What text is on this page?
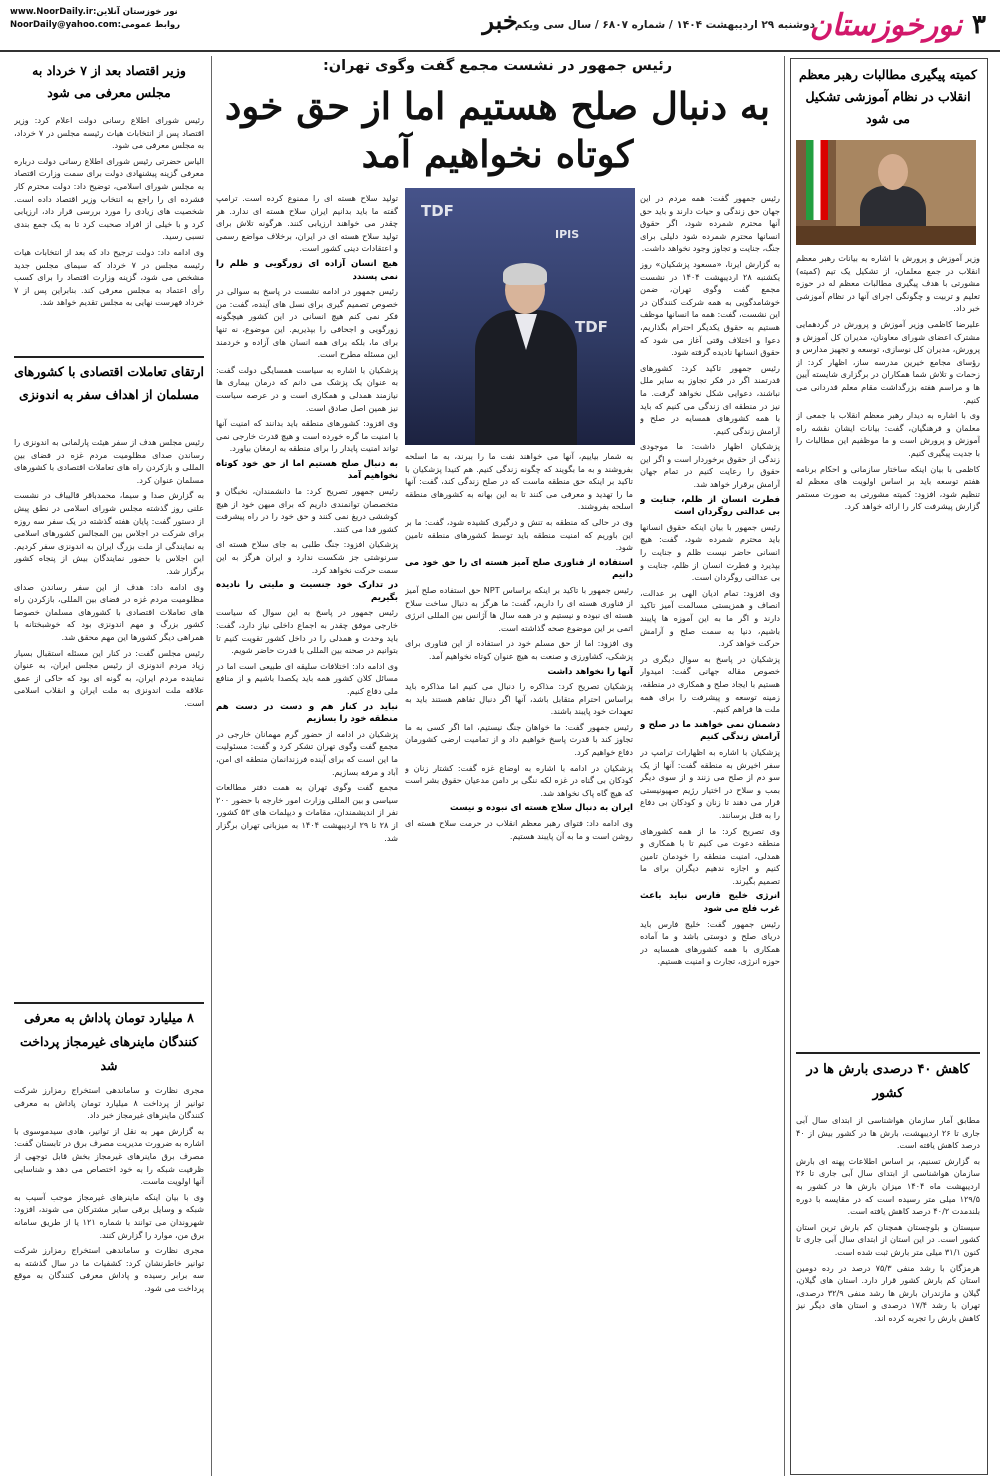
۳
نورخوزستان
دوشنبه ۲۹ اردیبهشت ۱۴۰۴ / شماره ۶۸۰۷ / سال سی ویکم
خبر
نور خوزستان آنلاین:www.NoorDaily.ir
روابط عمومی:NoorDaily@yahoo.com
رئیس جمهور در نشست مجمع گفت وگوی تهران:
به دنبال صلح هستیم اما از حق خود
کوتاه نخواهیم آمد
TDF
IPIS
TDF

رئیس جمهور گفت: همه مردم در این جهان حق زندگی و حیات دارند و باید حق آنها محترم شمرده شود، اگر حقوق انسانها محترم شمرده شود دلیلی برای جنگ، جنایت و تجاوز وجود نخواهد داشت.

به گزارش ایرنا، «مسعود پزشکیان» روز یکشنبه ۲۸ اردیبهشت ۱۴۰۴ در نشست مجمع گفت وگوی تهران، ضمن خوشامدگویی به همه شرکت کنندگان در این نشست، گفت: همه ما انسانها موظف هستیم به حقوق یکدیگر احترام بگذاریم، دعوا و اختلاف وقتی آغاز می شود که حقوق انسانها نادیده گرفته شود.

رئیس جمهور تاکید کرد: کشورهای قدرتمند اگر در فکر تجاوز به سایر ملل نباشند، دعوایی شکل نخواهد گرفت. ما نیز در منطقه ای زندگی می کنیم که باید با همه کشورهای همسایه در صلح و آرامش زندگی کنیم.

پزشکیان اظهار داشت: ما موجودی زندگی از حقوق برخوردار است و اگر این حقوق را رعایت کنیم در تمام جهان آرامش برقرار خواهد شد.

فطرت انسان از ظلم، جنایت و بی عدالتی روگردان است

رئیس جمهور با بیان اینکه حقوق انسانها باید محترم شمرده شود، گفت: هیچ انسانی حاضر نیست ظلم و جنایت را بپذیرد و فطرت انسان از ظلم، جنایت و بی عدالتی روگردان است.

وی افزود: تمام ادیان الهی بر عدالت، انصاف و همزیستی مسالمت آمیز تاکید دارند و اگر ما به این آموزه ها پایبند باشیم، دنیا به سمت صلح و آرامش حرکت خواهد کرد.

پزشکیان در پاسخ به سوال دیگری در خصوص مقاله جهانی گفت: امیدوار هستیم با ایجاد صلح و همکاری در منطقه، زمینه توسعه و پیشرفت را برای همه ملت ها فراهم کنیم.

دشمنان نمی خواهند ما در صلح و آرامش زندگی کنیم

پزشکیان با اشاره به اظهارات ترامپ در سفر اخیرش به منطقه گفت: آنها از یک سو دم از صلح می زنند و از سوی دیگر بمب و سلاح در اختیار رژیم صهیونیستی قرار می دهند تا زنان و کودکان بی دفاع را به قتل برسانند.

وی تصریح کرد: ما از همه کشورهای منطقه دعوت می کنیم تا با همکاری و همدلی، امنیت منطقه را خودمان تامین کنیم و اجازه ندهیم دیگران برای ما تصمیم بگیرند.

انرژی خلیج فارس نباید باعث غرب فلج می شود

رئیس جمهور گفت: خلیج فارس باید دریای صلح و دوستی باشد و ما آماده همکاری با همه کشورهای همسایه در حوزه انرژی، تجارت و امنیت هستیم.

به شمار بیاییم، آنها می خواهند نفت ما را ببرند، به ما اسلحه بفروشند و به ما بگویند که چگونه زندگی کنیم. هم کنیدا پزشکیان با تاکید بر اینکه حق منطقه ماست که در صلح زندگی کند، گفت: آنها ما را تهدید و معرفی می کنند تا به این بهانه به کشورهای منطقه اسلحه بفروشند.

وی در حالی که منطقه به تنش و درگیری کشیده شود، گفت: ما بر این باوریم که امنیت منطقه باید توسط کشورهای منطقه تامین شود.

استفاده از فناوری صلح آمیز هسته ای را حق خود می دانیم

رئیس جمهور با تاکید بر اینکه براساس NPT حق استفاده صلح آمیز از فناوری هسته ای را داریم، گفت: ما هرگز به دنبال ساخت سلاح هسته ای نبوده و نیستیم و در همه سال ها آژانس بین المللی انرژی اتمی بر این موضوع صحه گذاشته است.

وی افزود: اما از حق مسلم خود در استفاده از این فناوری برای پزشکی، کشاورزی و صنعت به هیچ عنوان کوتاه نخواهیم آمد.

آنها را نخواهد داشت

پزشکیان تصریح کرد: مذاکره را دنبال می کنیم اما مذاکره باید براساس احترام متقابل باشد، آنها اگر دنبال تفاهم هستند باید به تعهدات خود پایبند باشند.

رئیس جمهور گفت: ما خواهان جنگ نیستیم، اما اگر کسی به ما تجاوز کند با قدرت پاسخ خواهیم داد و از تمامیت ارضی کشورمان دفاع خواهیم کرد.

پزشکیان در ادامه با اشاره به اوضاع غزه گفت: کشتار زنان و کودکان بی گناه در غزه لکه ننگی بر دامن مدعیان حقوق بشر است که هیچ گاه پاک نخواهد شد.

ایران به دنبال سلاح هسته ای نبوده و نیست

وی ادامه داد: فتوای رهبر معظم انقلاب در حرمت سلاح هسته ای روشن است و ما به آن پایبند هستیم.

تولید سلاح هسته ای را ممنوع کرده است. ترامپ گفته ما باید بدانیم ایران سلاح هسته ای ندارد. هر چقدر می خواهند ارزیابی کنند. هرگونه تلاش برای تولید سلاح هسته ای در ایران، برخلاف مواضع رسمی و اعتقادات دینی کشور است.

هیچ انسان آزاده ای زورگویی و ظلم را نمی پسندد

رئیس جمهور در ادامه نشست در پاسخ به سوالی در خصوص تصمیم گیری برای نسل های آینده، گفت: من فکر نمی کنم هیچ انسانی در این کشور هیچگونه زورگویی و اجحافی را بپذیریم. این موضوع، نه تنها برای ما، بلکه برای همه انسان های آزاده و خردمند این مسئله مطرح است.

پزشکیان با اشاره به سیاست همسایگی دولت گفت: به عنوان یک پزشک می دانم که درمان بیماری ها نیازمند همدلی و همکاری است و در عرصه سیاست نیز همین اصل صادق است.

وی افزود: کشورهای منطقه باید بدانند که امنیت آنها با امنیت ما گره خورده است و هیچ قدرت خارجی نمی تواند امنیت پایدار را برای منطقه به ارمغان بیاورد.

به دنبال صلح هستیم اما از حق خود کوتاه نخواهیم آمد

رئیس جمهور تصریح کرد: ما دانشمندان، نخبگان و متخصصان توانمندی داریم که برای میهن خود از هیچ کوششی دریغ نمی کنند و حق خود را در راه پیشرفت کشور فدا می کنند.

پزشکیان افزود: جنگ طلبی به جای سلاح هسته ای سرنوشتی جز شکست ندارد و ایران هرگز به این سمت حرکت نخواهد کرد.

در تدارک خود جنسیت و ملیتی را نادیده بگیریم

رئیس جمهور در پاسخ به این سوال که سیاست خارجی موفق چقدر به اجماع داخلی نیاز دارد، گفت: باید وحدت و همدلی را در داخل کشور تقویت کنیم تا بتوانیم در صحنه بین المللی با قدرت حاضر شویم.

وی ادامه داد: اختلافات سلیقه ای طبیعی است اما در مسائل کلان کشور همه باید یکصدا باشیم و از منافع ملی دفاع کنیم.

نباید در کنار هم و دست در دست هم منطقه خود را بسازیم

پزشکیان در ادامه از حضور گرم مهمانان خارجی در مجمع گفت وگوی تهران تشکر کرد و گفت: مسئولیت ما این است که برای آینده فرزندانمان منطقه ای امن، آباد و مرفه بسازیم.

مجمع گفت وگوی تهران به همت دفتر مطالعات سیاسی و بین المللی وزارت امور خارجه با حضور ۲۰۰ نفر از اندیشمندان، مقامات و دیپلمات های ۵۳ کشور، از ۲۸ تا ۲۹ اردیبهشت ۱۴۰۴ به میزبانی تهران برگزار شد.

کمیته پیگیری مطالبات رهبر معظم انقلاب در نظام آموزشی تشکیل می شود

وزیر آموزش و پرورش با اشاره به بیانات رهبر معظم انقلاب در جمع معلمان، از تشکیل یک تیم (کمیته) مشورتی با هدف پیگیری مطالبات معظم له در حوزه تعلیم و تربیت و چگونگی اجرای آنها در نظام آموزشی خبر داد.

علیرضا کاظمی وزیر آموزش و پرورش در گردهمایی مشترک اعضای شورای معاونان، مدیران کل آموزش و پرورش، مدیران کل نوسازی، توسعه و تجهیز مدارس و رؤسای مجامع خیرین مدرسه ساز، اظهار کرد: از زحمات و تلاش شما همکاران در برگزاری شایسته آیین ها و مراسم هفته بزرگداشت مقام معلم قدردانی می کنیم.

وی با اشاره به دیدار رهبر معظم انقلاب با جمعی از معلمان و فرهنگیان، گفت: بیانات ایشان نقشه راه آموزش و پرورش است و ما موظفیم این مطالبات را با جدیت پیگیری کنیم.

کاظمی با بیان اینکه ساختار سازمانی و احکام برنامه هفتم توسعه باید بر اساس اولویت های معظم له تنظیم شود، افزود: کمیته مشورتی به صورت مستمر گزارش پیشرفت کار را ارائه خواهد کرد.

کاهش ۴۰ درصدی بارش ها در کشور

مطابق آمار سازمان هواشناسی از ابتدای سال آبی جاری تا ۲۶ اردیبهشت، بارش ها در کشور بیش از ۴۰ درصد کاهش یافته است.

به گزارش تسنیم، بر اساس اطلاعات پهنه ای بارش سازمان هواشناسی از ابتدای سال آبی جاری تا ۲۶ اردیبهشت ماه ۱۴۰۴ میزان بارش ها در کشور به ۱۲۹/۵ میلی متر رسیده است که در مقایسه با دوره بلندمدت ۴۰/۲ درصد کاهش یافته است.

سیستان و بلوچستان همچنان کم بارش ترین استان کشور است. در این استان از ابتدای سال آبی جاری تا کنون ۳۱/۱ میلی متر بارش ثبت شده است.

هرمزگان با رشد منفی ۷۵/۳ درصد در رده دومین استان کم بارش کشور قرار دارد. استان های گیلان، گیلان و مازندران بارش ها رشد منفی ۳۲/۹ درصدی، تهران با رشد ۱۷/۴ درصدی و استان های دیگر نیز کاهش بارش را تجربه کرده اند.

وزیر اقتصاد بعد از ۷ خرداد به مجلس معرفی می شود

رئیس شورای اطلاع رسانی دولت اعلام کرد: وزیر اقتصاد پس از انتخابات هیات رئیسه مجلس در ۷ خرداد، به مجلس معرفی می شود.

الیاس حضرتی رئیس شورای اطلاع رسانی دولت درباره معرفی گزینه پیشنهادی دولت برای سمت وزارت اقتصاد به مجلس شورای اسلامی، توضیح داد: دولت محترم کار فشرده ای را راجع به انتخاب وزیر اقتصاد داده است. شخصیت های زیادی را مورد بررسی قرار داد، ارزیابی کرد و با خیلی از افراد صحبت کرد تا به یک جمع بندی نسبی رسید.

وی ادامه داد: دولت ترجیح داد که بعد از انتخابات هیات رئیسه مجلس در ۷ خرداد که سیمای مجلس جدید مشخص می شود، گزینه وزارت اقتصاد را برای کسب رأی اعتماد به مجلس معرفی کند. بنابراین پس از ۷ خرداد فهرست نهایی به مجلس تقدیم خواهد شد.

ارتقای تعاملات اقتصادی با کشورهای مسلمان از اهداف سفر به اندونزی

رئیس مجلس هدف از سفر هیئت پارلمانی به اندونزی را رساندن صدای مظلومیت مردم غزه در فضای بین المللی و بازکردن راه های تعاملات اقتصادی با کشورهای مسلمان عنوان کرد.

به گزارش صدا و سیما، محمدباقر قالیباف در نشست علنی روز گذشته مجلس شورای اسلامی در نطق پیش از دستور گفت: پایان هفته گذشته در یک سفر سه روزه برای شرکت در اجلاس بین المجالس کشورهای اسلامی به نمایندگی از ملت بزرگ ایران به اندونزی سفر کردیم. این اجلاس با حضور نمایندگان بیش از پنجاه کشور برگزار شد.

وی ادامه داد: هدف از این سفر رساندن صدای مظلومیت مردم غزه در فضای بین المللی، بازکردن راه های تعاملات اقتصادی با کشورهای مسلمان خصوصا کشور بزرگ و مهم اندونزی بود که خوشبختانه با همراهی دیگر کشورها این مهم محقق شد.

رئیس مجلس گفت: در کنار این مسئله استقبال بسیار زیاد مردم اندونزی از رئیس مجلس ایران، به عنوان نماینده مردم ایران، به گونه ای بود که حاکی از عمق علاقه ملت اندونزی به ملت ایران و انقلاب اسلامی است.

۸ میلیارد تومان پاداش به معرفی کنندگان ماینرهای غیرمجاز پرداخت شد

مجری نظارت و ساماندهی استخراج رمزارز شرکت توانیر از پرداخت ۸ میلیارد تومان پاداش به معرفی کنندگان ماینرهای غیرمجاز خبر داد.

به گزارش مهر به نقل از توانیر، هادی سیدموسوی با اشاره به ضرورت مدیریت مصرف برق در تابستان گفت: مصرف برق ماینرهای غیرمجاز بخش قابل توجهی از ظرفیت شبکه را به خود اختصاص می دهد و شناسایی آنها اولویت ماست.

وی با بیان اینکه ماینرهای غیرمجاز موجب آسیب به شبکه و وسایل برقی سایر مشترکان می شوند، افزود: شهروندان می توانند با شماره ۱۲۱ یا از طریق سامانه برق من، موارد را گزارش کنند.

مجری نظارت و ساماندهی استخراج رمزارز شرکت توانیر خاطرنشان کرد: کشفیات ما در سال گذشته به سه برابر رسیده و پاداش معرفی کنندگان به موقع پرداخت می شود.
